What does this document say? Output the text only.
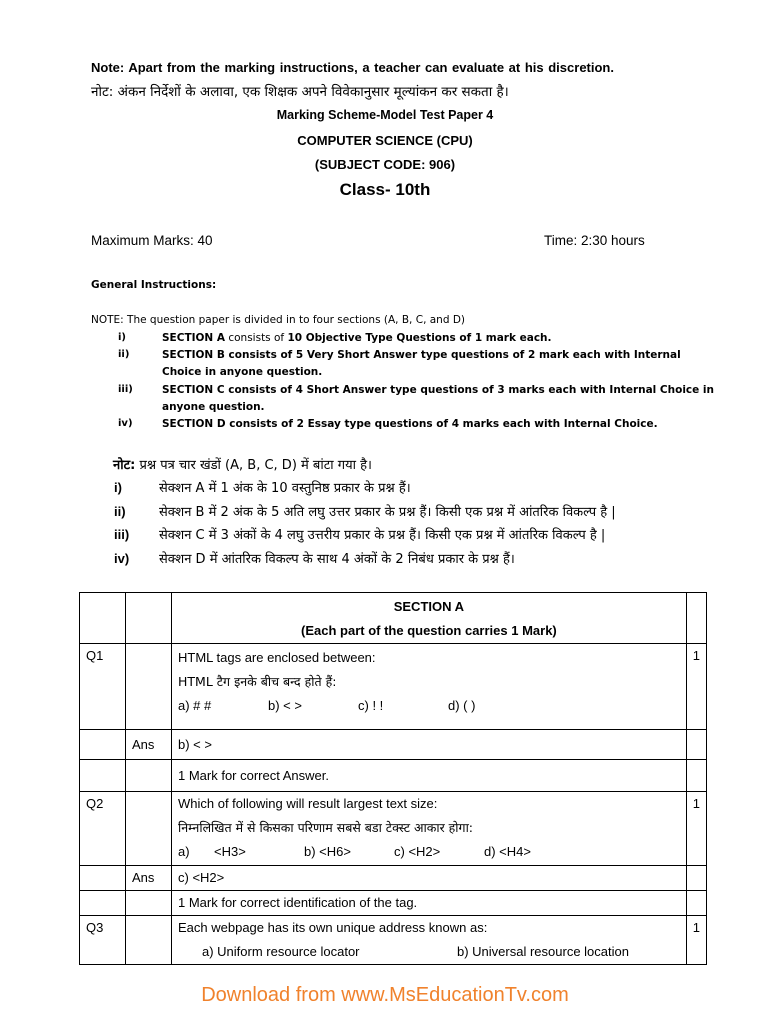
Note: Apart from the marking instructions, a teacher can evaluate at his discretion.
नोट: अंकन निर्देशों के अलावा, एक शिक्षक अपने विवेकानुसार मूल्यांकन कर सकता है।
Marking Scheme-Model Test Paper 4
COMPUTER SCIENCE (CPU)
(SUBJECT CODE: 906)
Class- 10th
Maximum Marks: 40	Time: 2:30 hours
General Instructions:
NOTE: The question paper is divided in to four sections (A, B, C, and D)
i)	SECTION A consists of 10 Objective Type Questions of 1 mark each.
ii)	SECTION B consists of 5 Very Short Answer type questions of 2 mark each with Internal Choice in anyone question.
iii)	SECTION C consists of 4 Short Answer type questions of 3 marks each with Internal Choice in anyone question.
iv)	SECTION D consists of 2 Essay type questions of 4 marks each with Internal Choice.
नोट: प्रश्न पत्र चार खंडों (A, B, C, D) में बांटा गया है।
i)	सेक्शन A में 1 अंक के 10 वस्तुनिष्ठ प्रकार के प्रश्न हैं।
ii)	सेक्शन B में 2 अंक के 5 अति लघु उत्तर प्रकार के प्रश्न हैं। किसी एक प्रश्न में आंतरिक विकल्प है |
iii) सेक्शन C में 3 अंकों के 4 लघु उत्तरीय प्रकार के प्रश्न हैं। किसी एक प्रश्न में आंतरिक विकल्प है |
iv) सेक्शन D में आंतरिक विकल्प के साथ 4 अंकों के 2 निबंध प्रकार के प्रश्न हैं।

		SECTION A
(Each part of the question carries 1 Mark)	

Q1		HTML tags are enclosed between:
HTML टैग इनके बीच बन्द होते हैं:
a) # # b) < > c) ! ! d) ( )	1
	Ans	b) < >	
		1 Mark for correct Answer.	
Q2		Which of following will result largest text size:
निम्नलिखित में से किसका परिणाम सबसे बडा टेक्स्ट आकार होगा:
a) <H3> b) <H6> c) <H2> d) <H4>	1
	Ans	c) <H2>	
		1 Mark for correct identification of the tag.	
Q3		Each webpage has its own unique address known as:
a) Uniform resource locator b) Universal resource location	1
Download from www.MsEducationTv.com
